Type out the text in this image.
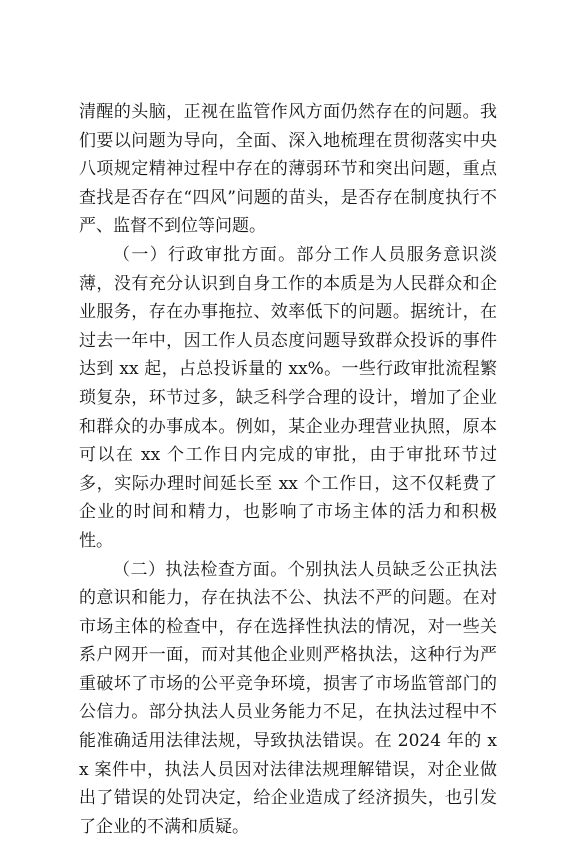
清醒的头脑，正视在监管作风方面仍然存在的问题。我们要以问题为导向，全面、深入地梳理在贯彻落实中央八项规定精神过程中存在的薄弱环节和突出问题，重点查找是否存在“四风”问题的苗头，是否存在制度执行不严、监督不到位等问题。

（一）行政审批方面。部分工作人员服务意识淡薄，没有充分认识到自身工作的本质是为人民群众和企业服务，存在办事拖拉、效率低下的问题。据统计，在过去一年中，因工作人员态度问题导致群众投诉的事件达到 xx 起，占总投诉量的 xx%。一些行政审批流程繁琐复杂，环节过多，缺乏科学合理的设计，增加了企业和群众的办事成本。例如，某企业办理营业执照，原本可以在 xx 个工作日内完成的审批，由于审批环节过多，实际办理时间延长至 xx 个工作日，这不仅耗费了企业的时间和精力，也影响了市场主体的活力和积极性。

（二）执法检查方面。个别执法人员缺乏公正执法的意识和能力，存在执法不公、执法不严的问题。在对市场主体的检查中，存在选择性执法的情况，对一些关系户网开一面，而对其他企业则严格执法，这种行为严重破坏了市场的公平竞争环境，损害了市场监管部门的公信力。部分执法人员业务能力不足，在执法过程中不能准确适用法律法规，导致执法错误。在 2024 年的 xx 案件中，执法人员因对法律法规理解错误，对企业做出了错误的处罚决定，给企业造成了经济损失，也引发了企业的不满和质疑。
